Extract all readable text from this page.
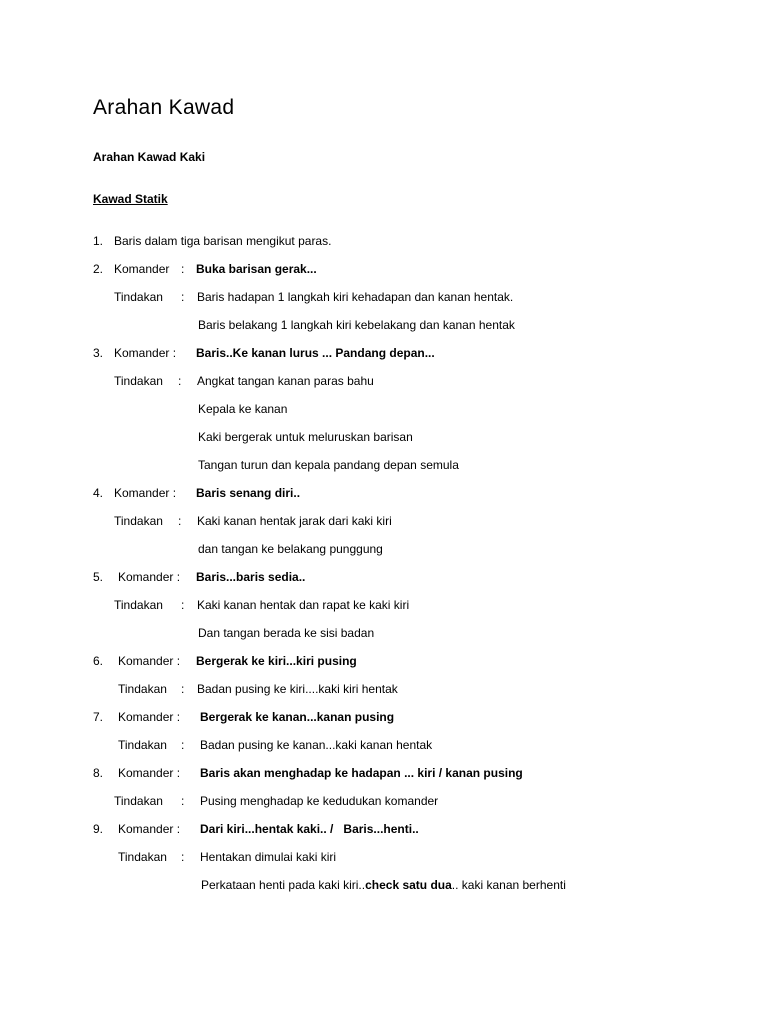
Arahan Kawad
Arahan Kawad Kaki
Kawad Statik
1. Baris dalam tiga barisan mengikut paras.
2. Komander : Buka barisan gerak...
Tindakan : Baris hadapan 1 langkah kiri kehadapan dan kanan hentak.
Baris belakang 1 langkah kiri kebelakang dan kanan hentak
3. Komander : Baris..Ke kanan lurus ... Pandang depan...
Tindakan : Angkat tangan kanan paras bahu
Kepala ke kanan
Kaki bergerak untuk meluruskan barisan
Tangan turun dan kepala pandang depan semula
4. Komander : Baris senang diri..
Tindakan : Kaki kanan hentak jarak dari kaki kiri
dan tangan ke belakang punggung
5. Komander : Baris...baris sedia..
Tindakan : Kaki kanan hentak dan rapat ke kaki kiri
Dan tangan berada ke sisi badan
6. Komander : Bergerak ke kiri...kiri pusing
Tindakan : Badan pusing ke kiri....kaki kiri hentak
7. Komander : Bergerak ke kanan...kanan pusing
Tindakan : Badan pusing ke kanan...kaki kanan hentak
8. Komander : Baris akan menghadap ke hadapan ... kiri / kanan pusing
Tindakan : Pusing menghadap ke kedudukan komander
9. Komander : Dari kiri...hentak kaki.. /   Baris...henti..
Tindakan : Hentakan dimulai kaki kiri
Perkataan henti pada kaki kiri..check satu dua.. kaki kanan berhenti
